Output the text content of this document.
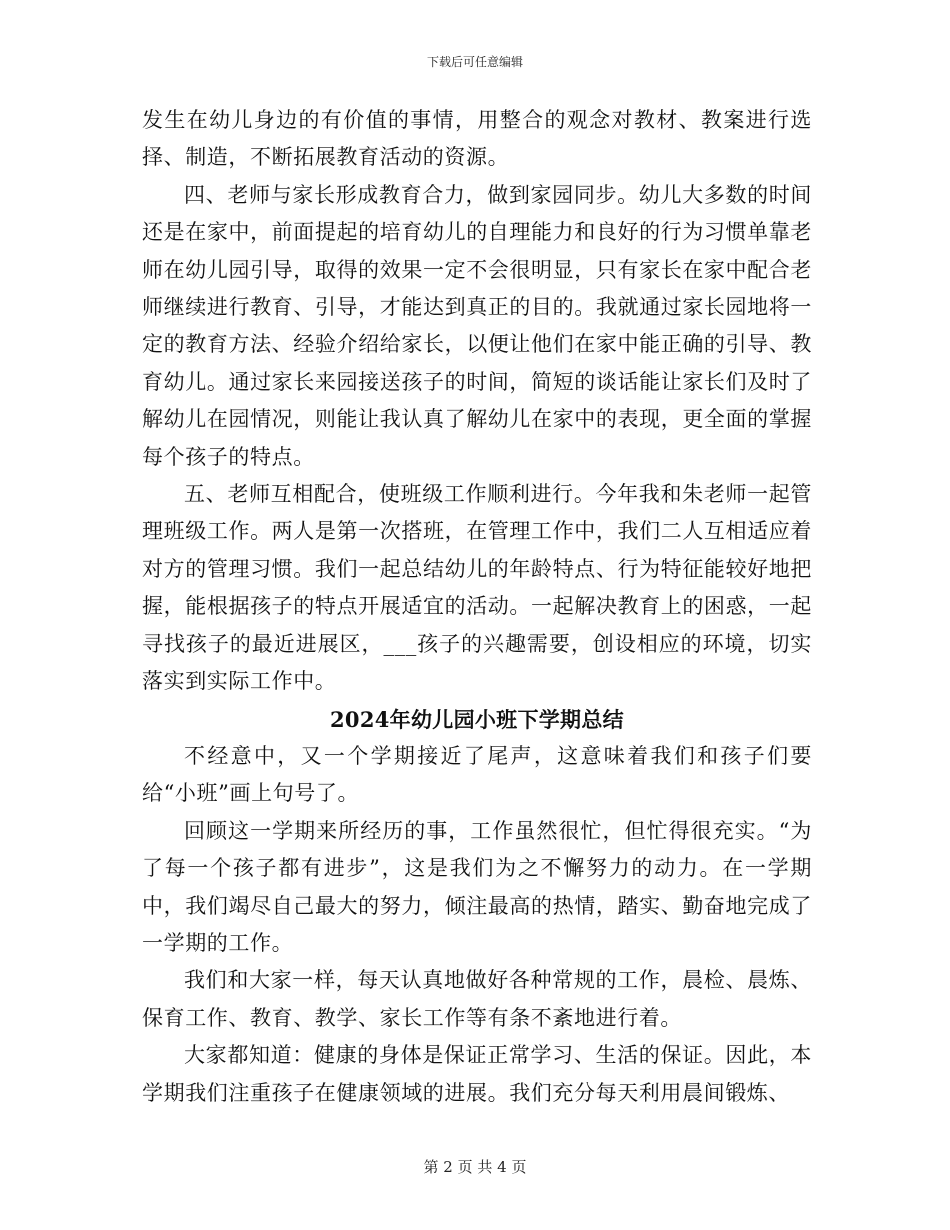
下载后可任意编辑

发生在幼儿身边的有价值的事情，用整合的观念对教材、教案进行选择、制造，不断拓展教育活动的资源。

四、老师与家长形成教育合力，做到家园同步。幼儿大多数的时间还是在家中，前面提起的培育幼儿的自理能力和良好的行为习惯单靠老师在幼儿园引导，取得的效果一定不会很明显，只有家长在家中配合老师继续进行教育、引导，才能达到真正的目的。我就通过家长园地将一定的教育方法、经验介绍给家长，以便让他们在家中能正确的引导、教育幼儿。通过家长来园接送孩子的时间，简短的谈话能让家长们及时了解幼儿在园情况，则能让我认真了解幼儿在家中的表现，更全面的掌握每个孩子的特点。

五、老师互相配合，使班级工作顺利进行。今年我和朱老师一起管理班级工作。两人是第一次搭班，在管理工作中，我们二人互相适应着对方的管理习惯。我们一起总结幼儿的年龄特点、行为特征能较好地把握，能根据孩子的特点开展适宜的活动。一起解决教育上的困惑，一起寻找孩子的最近进展区，___孩子的兴趣需要，创设相应的环境，切实落实到实际工作中。

2024年幼儿园小班下学期总结

不经意中，又一个学期接近了尾声，这意味着我们和孩子们要给“小班”画上句号了。

回顾这一学期来所经历的事，工作虽然很忙，但忙得很充实。“为了每一个孩子都有进步”，这是我们为之不懈努力的动力。在一学期中，我们竭尽自己最大的努力，倾注最高的热情，踏实、勤奋地完成了一学期的工作。

我们和大家一样，每天认真地做好各种常规的工作，晨检、晨炼、保育工作、教育、教学、家长工作等有条不紊地进行着。

大家都知道：健康的身体是保证正常学习、生活的保证。因此，本学期我们注重孩子在健康领域的进展。我们充分每天利用晨间锻炼、

第 2 页 共 4 页
